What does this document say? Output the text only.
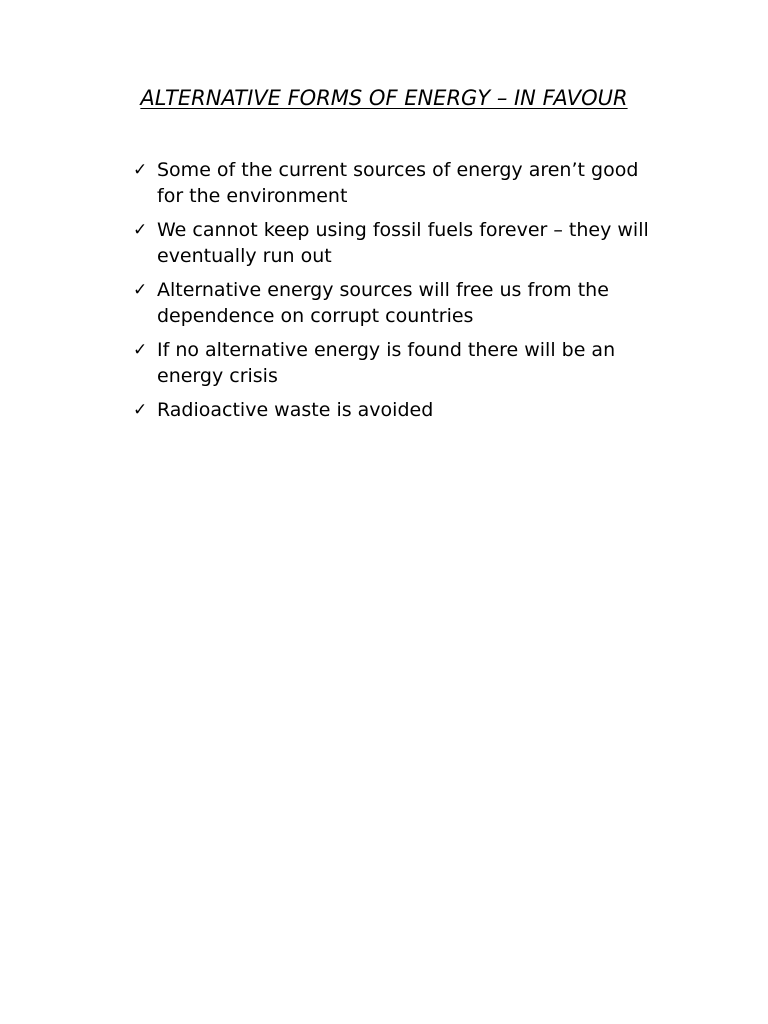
ALTERNATIVE FORMS OF ENERGY – IN FAVOUR
✓ Some of the current sources of energy aren’t good for the environment
✓ We cannot keep using fossil fuels forever – they will eventually run out
✓ Alternative energy sources will free us from the dependence on corrupt countries
✓ If no alternative energy is found there will be an energy crisis
✓ Radioactive waste is avoided
